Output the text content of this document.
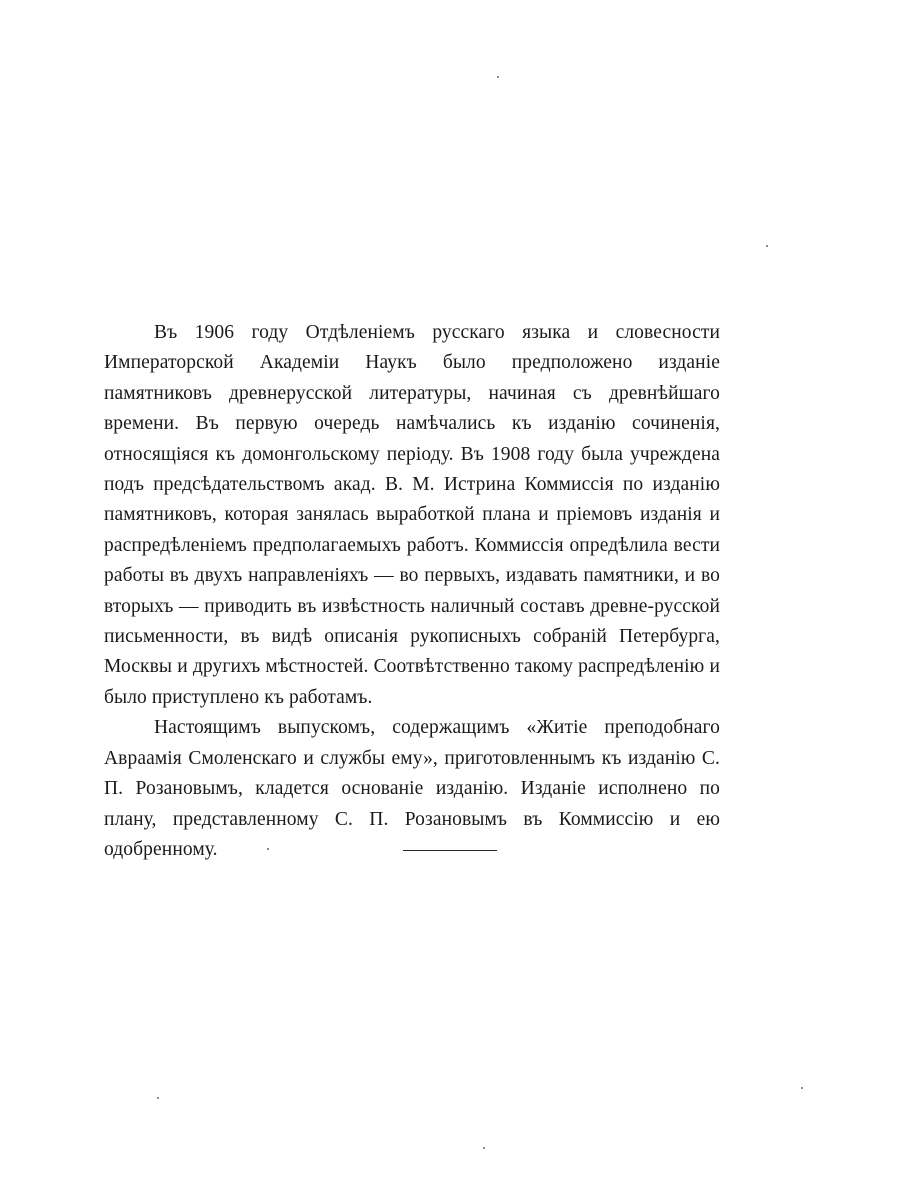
Въ 1906 году Отдѣленіемъ русскаго языка и словесности Императорской Академіи Наукъ было предположено изданіе памятниковъ древнерусской литературы, начиная съ древнѣйшаго времени. Въ первую очередь намѣчались къ изданію сочиненія, относящіяся къ домонгольскому періоду. Въ 1908 году была учреждена подъ предсѣдательствомъ акад. В. М. Истрина Коммиссія по изданію памятниковъ, которая занялась выработкой плана и пріемовъ изданія и распредѣленіемъ предполагаемыхъ работъ. Коммиссія опредѣлила вести работы въ двухъ направленіяхъ — во первыхъ, издавать памятники, и во вторыхъ — приводить въ извѣстность наличный составъ древне-русской письменности, въ видѣ описанія рукописныхъ собраній Петербурга, Москвы и другихъ мѣстностей. Соотвѣтственно такому распредѣленію и было приступлено къ работамъ.

Настоящимъ выпускомъ, содержащимъ «Житіе преподобнаго Авраамія Смоленскаго и службы ему», приготовленнымъ къ изданію С. П. Розановымъ, кладется основаніе изданію. Изданіе исполнено по плану, представленному С. П. Розановымъ въ Коммиссію и ею одобренному.
